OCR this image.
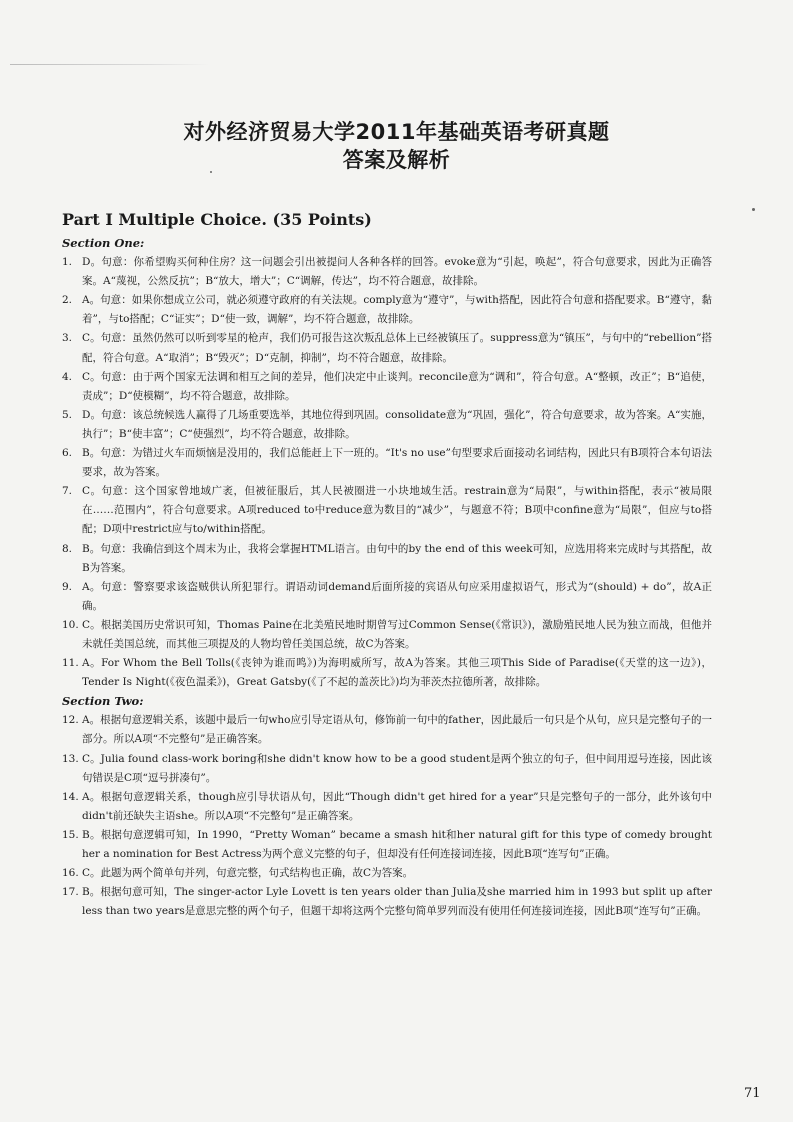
对外经济贸易大学2011年基础英语考研真题
答案及解析
Part I Multiple Choice. (35 Points)

Section One:

1. D。句意：你希望购买何种住房？这一问题会引出被提问人各种各样的回答。evoke意为“引起，唤起”，符合句意要求，因此为正确答案。A“蔑视，公然反抗”；B“放大，增大”；C“调解，传达”，均不符合题意，故排除。

2. A。句意：如果你想成立公司，就必须遵守政府的有关法规。comply意为“遵守”，与with搭配，因此符合句意和搭配要求。B“遵守，黏着”，与to搭配；C“证实”；D“使一致，调解”，均不符合题意，故排除。

3. C。句意：虽然仍然可以听到零星的枪声，我们仍可报告这次叛乱总体上已经被镇压了。suppress意为“镇压”，与句中的“rebellion”搭配，符合句意。A“取消”；B“毁灭”；D“克制，抑制”，均不符合题意，故排除。

4. C。句意：由于两个国家无法调和相互之间的差异，他们决定中止谈判。reconcile意为“调和”，符合句意。A“整顿，改正”；B“追使，责成”；D“使模糊”，均不符合题意，故排除。

5. D。句意：该总统候选人赢得了几场重要选举，其地位得到巩固。consolidate意为“巩固，强化”，符合句意要求，故为答案。A“实施，执行”；B“使丰富”；C“使强烈”，均不符合题意，故排除。

6. B。句意：为错过火车而烦恼是没用的，我们总能赶上下一班的。“It's no use”句型要求后面接动名词结构，因此只有B项符合本句语法要求，故为答案。

7. C。句意：这个国家曾地域广袤，但被征服后，其人民被圈进一小块地域生活。restrain意为“局限”，与within搭配，表示“被局限在……范围内”，符合句意要求。A项reduced to中reduce意为数目的“减少”，与题意不符；B项中confine意为“局限”，但应与to搭配；D项中restrict应与to/within搭配。

8. B。句意：我确信到这个周末为止，我将会掌握HTML语言。由句中的by the end of this week可知，应选用将来完成时与其搭配，故B为答案。

9. A。句意：警察要求该盗贼供认所犯罪行。谓语动词demand后面所接的宾语从句应采用虚拟语气，形式为“(should) + do”，故A正确。

10. C。根据美国历史常识可知，Thomas Paine在北美殖民地时期曾写过Common Sense(《常识》)，激励殖民地人民为独立而战，但他并未就任美国总统，而其他三项提及的人物均曾任美国总统，故C为答案。

11. A。For Whom the Bell Tolls(《丧钟为谁而鸣》)为海明威所写，故A为答案。其他三项This Side of Paradise(《天堂的这一边》)，Tender Is Night(《夜色温柔》)，Great Gatsby(《了不起的盖茨比》)均为菲茨杰拉德所著，故排除。

Section Two:

12. A。根据句意逻辑关系，该题中最后一句who应引导定语从句，修饰前一句中的father，因此最后一句只是个从句，应只是完整句子的一部分。所以A项“不完整句”是正确答案。

13. C。Julia found class-work boring和she didn't know how to be a good student是两个独立的句子，但中间用逗号连接，因此该句错误是C项“逗号拼凑句”。

14. A。根据句意逻辑关系，though应引导状语从句，因此“Though didn't get hired for a year”只是完整句子的一部分，此外该句中didn't前还缺失主语she。所以A项“不完整句”是正确答案。

15. B。根据句意逻辑可知，In 1990，“Pretty Woman” became a smash hit和her natural gift for this type of comedy brought her a nomination for Best Actress为两个意义完整的句子，但却没有任何连接词连接，因此B项“连写句”正确。

16. C。此题为两个简单句并列，句意完整，句式结构也正确，故C为答案。

17. B。根据句意可知，The singer-actor Lyle Lovett is ten years older than Julia及she married him in 1993 but split up after less than two years是意思完整的两个句子，但题干却将这两个完整句简单罗列而没有使用任何连接词连接，因此B项“连写句”正确。

71
